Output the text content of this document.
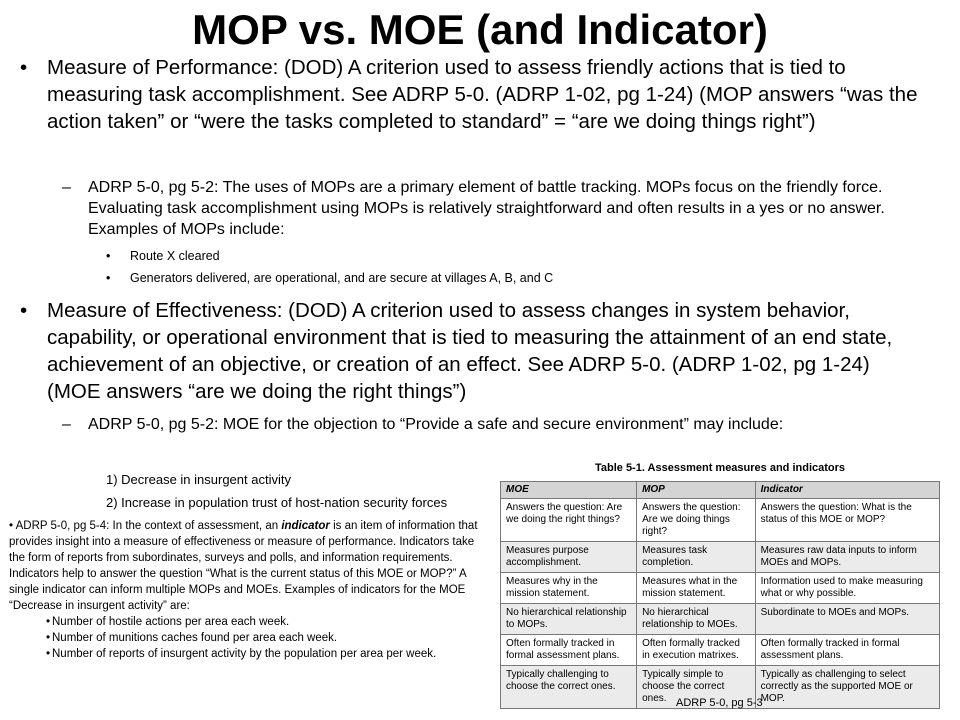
MOP vs. MOE (and Indicator)
• Measure of Performance: (DOD) A criterion used to assess friendly actions that is tied to measuring task accomplishment. See ADRP 5-0. (ADRP 1-02, pg 1-24) (MOP answers “was the action taken” or “were the tasks completed to standard” = “are we doing things right”)
– ADRP 5-0, pg 5-2: The uses of MOPs are a primary element of battle tracking. MOPs focus on the friendly force. Evaluating task accomplishment using MOPs is relatively straightforward and often results in a yes or no answer. Examples of MOPs include:
• Route X cleared
• Generators delivered, are operational, and are secure at villages A, B, and C
• Measure of Effectiveness: (DOD) A criterion used to assess changes in system behavior, capability, or operational environment that is tied to measuring the attainment of an end state, achievement of an objective, or creation of an effect. See ADRP 5-0. (ADRP 1-02, pg 1-24) (MOE answers “are we doing the right things”)
– ADRP 5-0, pg 5-2: MOE for the objection to “Provide a safe and secure environment” may include:
1) Decrease in insurgent activity
2) Increase in population trust of host-nation security forces
• ADRP 5-0, pg 5-4: In the context of assessment, an indicator is an item of information that provides insight into a measure of effectiveness or measure of performance. Indicators take the form of reports from subordinates, surveys and polls, and information requirements. Indicators help to answer the question “What is the current status of this MOE or MOP?” A single indicator can inform multiple MOPs and MOEs. Examples of indicators for the MOE “Decrease in insurgent activity” are:
• Number of hostile actions per area each week.
• Number of munitions caches found per area each week.
• Number of reports of insurgent activity by the population per area per week.
Table 5-1. Assessment measures and indicators
MOE	MOP	Indicator
Answers the question: Are we doing the right things?	Answers the question: Are we doing things right?	Answers the question: What is the status of this MOE or MOP?
Measures purpose accomplishment.	Measures task completion.	Measures raw data inputs to inform MOEs and MOPs.
Measures why in the mission statement.	Measures what in the mission statement.	Information used to make measuring what or why possible.
No hierarchical relationship to MOPs.	No hierarchical relationship to MOEs.	Subordinate to MOEs and MOPs.
Often formally tracked in formal assessment plans.	Often formally tracked in execution matrixes.	Often formally tracked in formal assessment plans.
Typically challenging to choose the correct ones.	Typically simple to choose the correct ones.	Typically as challenging to select correctly as the supported MOE or MOP.
ADRP 5-0, pg 5-3
